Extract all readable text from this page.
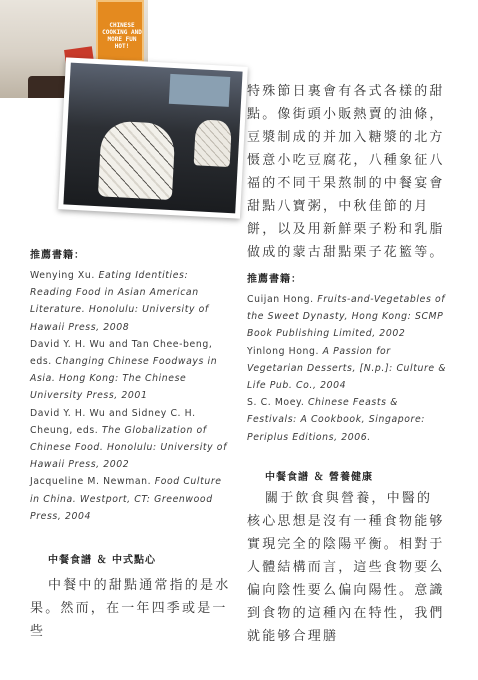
CHINESE COOKING AND MORE FUN HOT!

推薦書籍：

Wenying Xu. Eating Identities: Reading Food in Asian American Literature. Honolulu: University of Hawaii Press, 2008

David Y. H. Wu and Tan Chee-beng, eds. Changing Chinese Foodways in Asia. Hong Kong: The Chinese University Press, 2001

David Y. H. Wu and Sidney C. H. Cheung, eds. The Globalization of Chinese Food. Honolulu: University of Hawaii Press, 2002

Jacqueline M. Newman. Food Culture in China. Westport, CT: Greenwood Press, 2004

中餐食譜 ＆ 中式點心

中餐中的甜點通常指的是水果。然而，在一年四季或是一些

特殊節日裏會有各式各樣的甜點。像街頭小販熱賣的油條，豆漿制成的并加入糖漿的北方慑意小吃豆腐花，八種象征八福的不同干果熬制的中餐宴會甜點八寶粥，中秋佳節的月餅，以及用新鮮栗子粉和乳脂做成的蒙古甜點栗子花籃等。

推薦書籍：

Cuijan Hong. Fruits-and-Vegetables of the Sweet Dynasty, Hong Kong: SCMP Book Publishing Limited, 2002

Yinlong Hong. A Passion for Vegetarian Desserts, [N.p.]: Culture & Life Pub. Co., 2004

S. C. Moey. Chinese Feasts & Festivals: A Cookbook, Singapore: Periplus Editions, 2006.

中餐食譜 ＆ 營養健康

關于飲食與營養，中醫的核心思想是沒有一種食物能够實現完全的陰陽平衡。相對于人體結構而言，這些食物要么偏向陰性要么偏向陽性。意識到食物的這種內在特性，我們就能够合理膳
